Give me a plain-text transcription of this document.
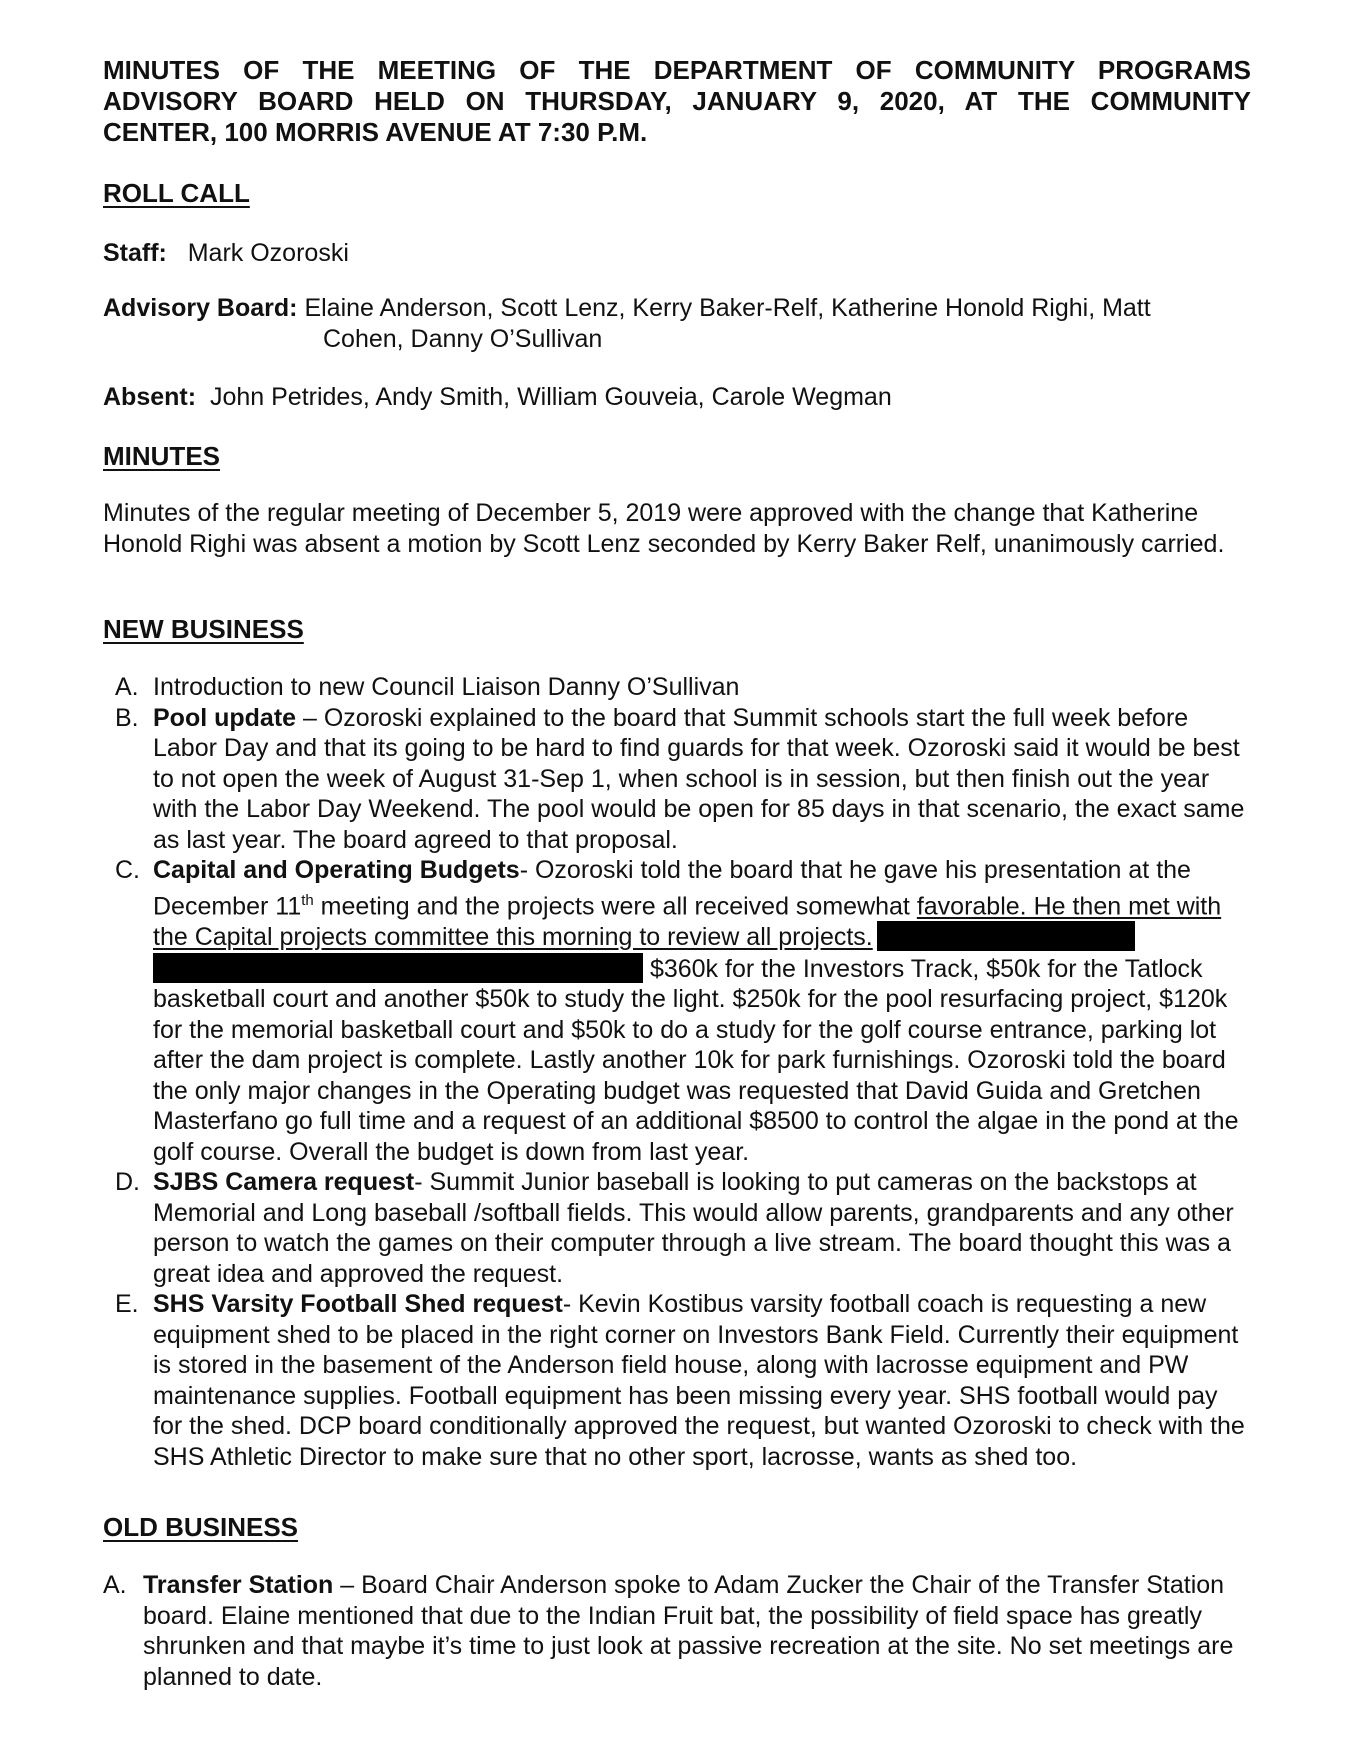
MINUTES OF THE MEETING OF THE DEPARTMENT OF COMMUNITY PROGRAMS
ADVISORY BOARD HELD ON THURSDAY, JANUARY 9, 2020, AT THE COMMUNITY
CENTER, 100 MORRIS AVENUE AT 7:30 P.M.
ROLL CALL

Staff: Mark Ozoroski

Advisory Board: Elaine Anderson, Scott Lenz, Kerry Baker-Relf, Katherine Honold Righi, Matt
Cohen, Danny O’Sullivan

Absent: John Petrides, Andy Smith, William Gouveia, Carole Wegman

MINUTES

Minutes of the regular meeting of December 5, 2019 were approved with the change that Katherine Honold Righi was absent a motion by Scott Lenz seconded by Kerry Baker Relf, unanimously carried.

NEW BUSINESS
A. Introduction to new Council Liaison Danny O’Sullivan
B. Pool update – Ozoroski explained to the board that Summit schools start the full week before Labor Day and that its going to be hard to find guards for that week. Ozoroski said it would be best to not open the week of August 31-Sep 1, when school is in session, but then finish out the year with the Labor Day Weekend. The pool would be open for 85 days in that scenario, the exact same as last year. The board agreed to that proposal.
C. Capital and Operating Budgets- Ozoroski told the board that he gave his presentation at the December 11th meeting and the projects were all received somewhat favorable. He then met with the Capital projects committee this morning to review all projects. $360k for the Investors Track, $50k for the Tatlock basketball court and another $50k to study the light. $250k for the pool resurfacing project, $120k for the memorial basketball court and $50k to do a study for the golf course entrance, parking lot after the dam project is complete. Lastly another 10k for park furnishings. Ozoroski told the board the only major changes in the Operating budget was requested that David Guida and Gretchen Masterfano go full time and a request of an additional $8500 to control the algae in the pond at the golf course. Overall the budget is down from last year.
D. SJBS Camera request- Summit Junior baseball is looking to put cameras on the backstops at Memorial and Long baseball /softball fields. This would allow parents, grandparents and any other person to watch the games on their computer through a live stream. The board thought this was a great idea and approved the request.
E. SHS Varsity Football Shed request- Kevin Kostibus varsity football coach is requesting a new equipment shed to be placed in the right corner on Investors Bank Field. Currently their equipment is stored in the basement of the Anderson field house, along with lacrosse equipment and PW maintenance supplies. Football equipment has been missing every year. SHS football would pay for the shed. DCP board conditionally approved the request, but wanted Ozoroski to check with the SHS Athletic Director to make sure that no other sport, lacrosse, wants as shed too.
OLD BUSINESS
A. Transfer Station – Board Chair Anderson spoke to Adam Zucker the Chair of the Transfer Station board. Elaine mentioned that due to the Indian Fruit bat, the possibility of field space has greatly shrunken and that maybe it’s time to just look at passive recreation at the site. No set meetings are planned to date.
